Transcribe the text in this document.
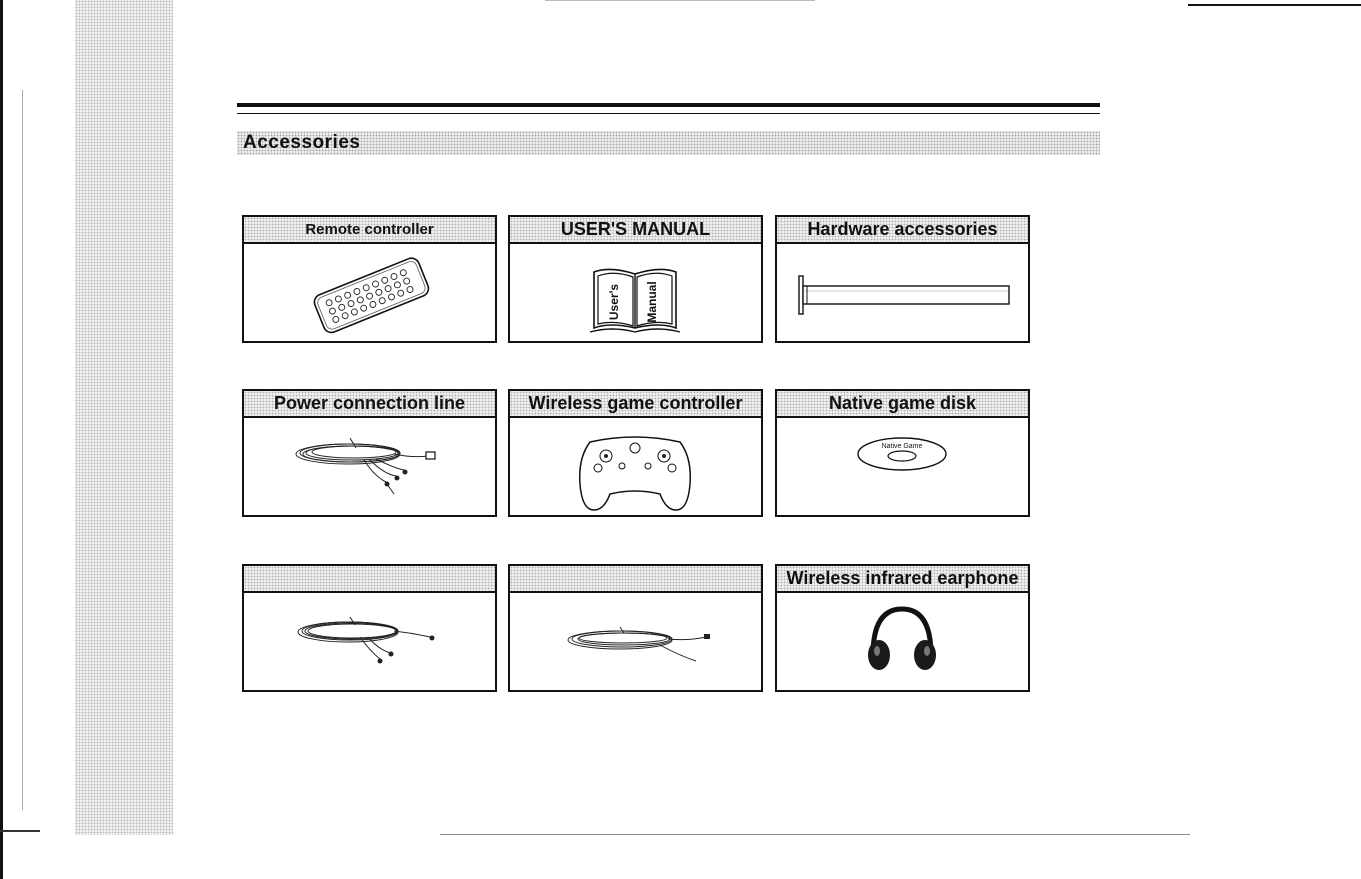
Accessories
Remote controller	USER'S MANUAL
User's Manual
Hardware accessories
Power connection line	Wireless game controller	Native game disk
Native Game
Wireless infrared earphone
